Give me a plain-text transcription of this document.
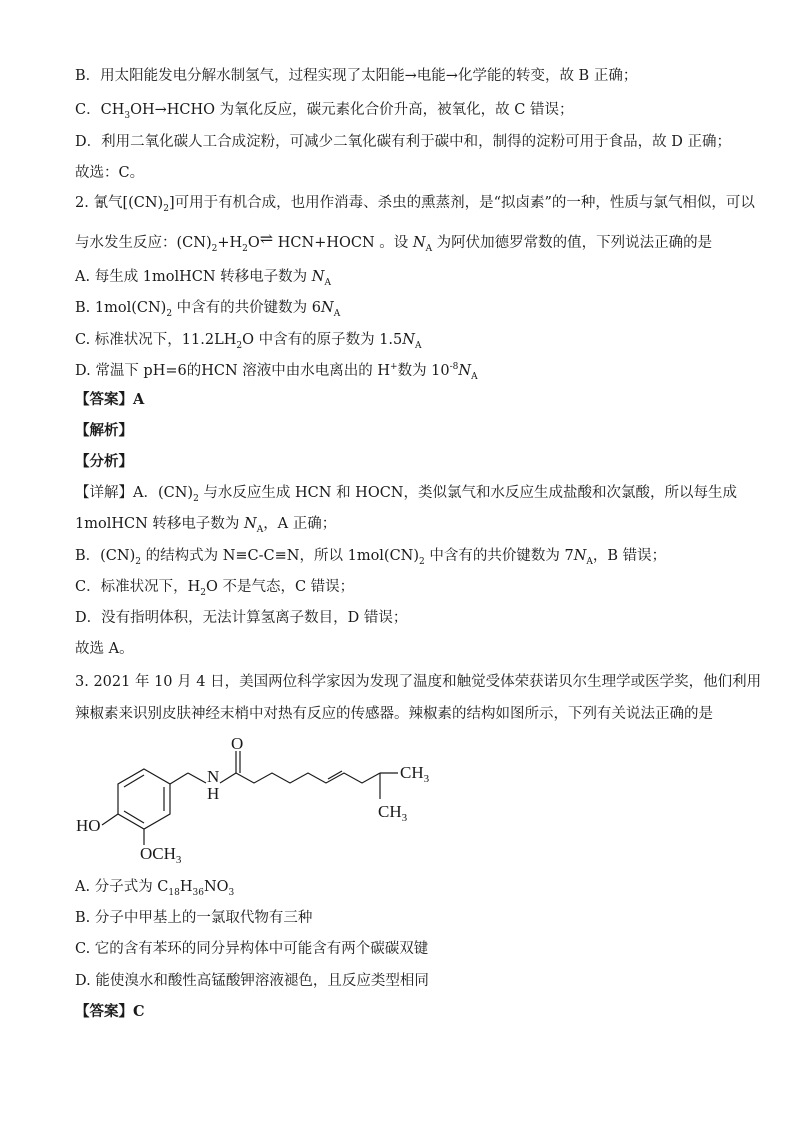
B．用太阳能发电分解水制氢气，过程实现了太阳能→电能→化学能的转变，故 B 正确；
C．$CH_3OH\to HCHO$ 为氧化反应，碳元素化合价升高，被氧化，故 C 错误；
D．利用二氧化碳人工合成淀粉，可减少二氧化碳有利于碳中和，制得的淀粉可用于食品，故 D 正确；
故选：C。
2. 氰气$[(CN)_2]$可用于有机合成，也用作消毒、杀虫的熏蒸剂，是“拟卤素”的一种，性质与氯气相似，可以
与水发生反应：$(CN)_2+H_2O\rightleftharpoons$ HCN+HOCN 。设 $N_A$ 为阿伏加德罗常数的值，下列说法正确的是
A. 每生成 1molHCN 转移电子数为 $N_A$
B. $1mol(CN)_2$ 中含有的共价键数为 $6N_A$
C. 标准状况下，$11.2LH_2O$ 中含有的原子数为 $1.5N_A$
D. 常温下 pH=6的HCN 溶液中由水电离出的 H+数为 $10^{-8}N_A$
【答案】A
【解析】
【分析】
【详解】A．$(CN)_2$ 与水反应生成 HCN 和 HOCN，类似氯气和水反应生成盐酸和次氯酸，所以每生成
1molHCN 转移电子数为 $N_A$，A 正确；
B．$(CN)_2$ 的结构式为 N≡C-C≡N，所以 $1mol(CN)_2$ 中含有的共价键数为 $7N_A$，B 错误；
C．标准状况下，$H_2O$ 不是气态，C 错误；
D．没有指明体积，无法计算氢离子数目，D 错误；
故选 A。
3. 2021 年 10 月 4 日，美国两位科学家因为发现了温度和触觉受体荣获诺贝尔生理学或医学奖，他们利用
辣椒素来识别皮肤神经末梢中对热有反应的传感器。辣椒素的结构如图所示，下列有关说法正确的是
O
N
H
$CH_3$
$CH_3$
HO
$OCH_3$
A. 分子式为 $C_{18}H_{36}NO_3$
B. 分子中甲基上的一氯取代物有三种
C. 它的含有苯环的同分异构体中可能含有两个碳碳双键
D. 能使溴水和酸性高锰酸钾溶液褪色，且反应类型相同
【答案】C
